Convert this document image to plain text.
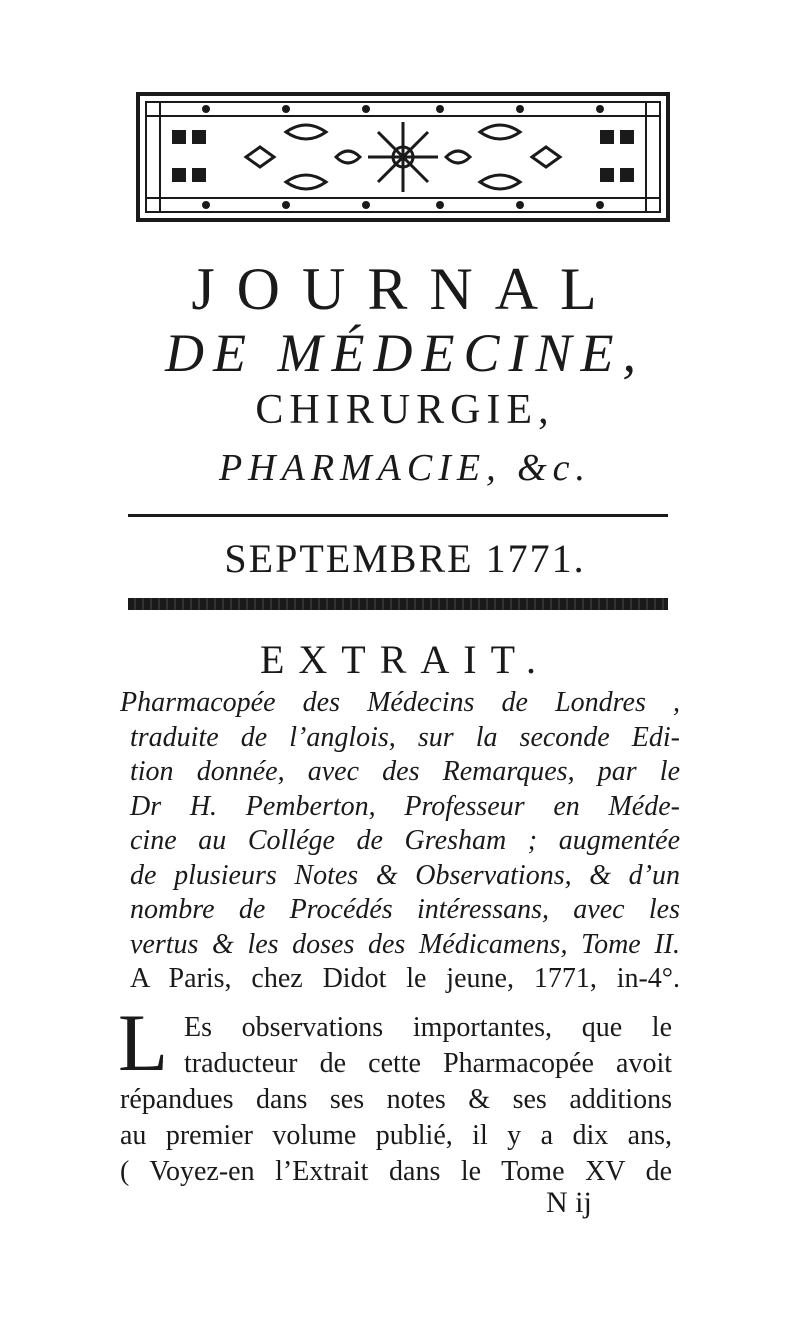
JOURNAL
DE MÉDECINE,
CHIRURGIE,
PHARMACIE, &c.
SEPTEMBRE 1771.
EXTRAIT.
Pharmacopée des Médecins de Londres ,
traduite de l’anglois, sur la seconde Edi-
tion donnée, avec des Remarques, par le
Dr H. Pemberton, Professeur en Méde-
cine au Collége de Gresham ; augmentée
de plusieurs Notes & Observations, & d’un
nombre de Procédés intéressans, avec les
vertus & les doses des Médicamens, Tome II.
A Paris, chez Didot le jeune, 1771, in-4°.
L Es observations importantes, que le
traducteur de cette Pharmacopée avoit
répandues dans ses notes & ses additions
au premier volume publié, il y a dix ans,
( Voyez-en l’Extrait dans le Tome XV de
N ij
